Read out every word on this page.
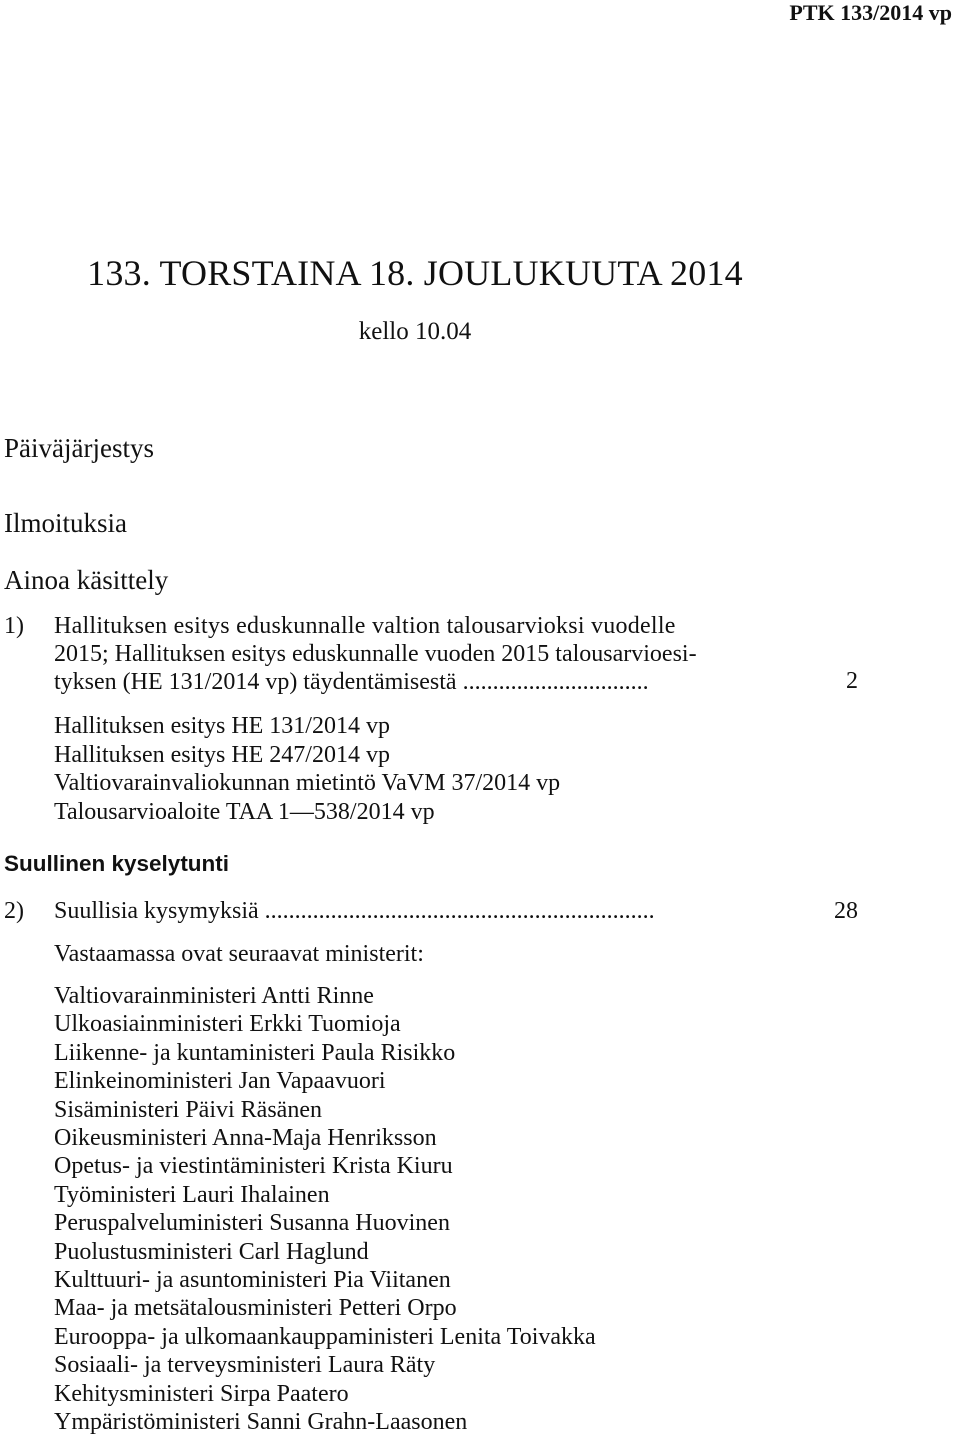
PTK 133/2014 vp
133. TORSTAINA 18. JOULUKUUTA 2014
kello 10.04
Päiväjärjestys
Ilmoituksia
Ainoa käsittely
1) Hallituksen esitys eduskunnalle valtion talousarvioksi vuodelle
2015; Hallituksen esitys eduskunnalle vuoden 2015 talousarvioesi-
tyksen (HE 131/2014 vp) täydentämisestä ...............................	2
Hallituksen esitys HE 131/2014 vp
Hallituksen esitys HE 247/2014 vp
Valtiovarainvaliokunnan mietintö VaVM 37/2014 vp
Talousarvioaloite TAA 1—538/2014 vp
Suullinen kyselytunti
2) Suullisia kysymyksiä .................................................................	28
Vastaamassa ovat seuraavat ministerit:
Valtiovarainministeri Antti Rinne
Ulkoasiainministeri Erkki Tuomioja
Liikenne- ja kuntaministeri Paula Risikko
Elinkeinoministeri Jan Vapaavuori
Sisäministeri Päivi Räsänen
Oikeusministeri Anna-Maja Henriksson
Opetus- ja viestintäministeri Krista Kiuru
Työministeri Lauri Ihalainen
Peruspalveluministeri Susanna Huovinen
Puolustusministeri Carl Haglund
Kulttuuri- ja asuntoministeri Pia Viitanen
Maa- ja metsätalousministeri Petteri Orpo
Eurooppa- ja ulkomaankauppaministeri Lenita Toivakka
Sosiaali- ja terveysministeri Laura Räty
Kehitysministeri Sirpa Paatero
Ympäristöministeri Sanni Grahn-Laasonen
